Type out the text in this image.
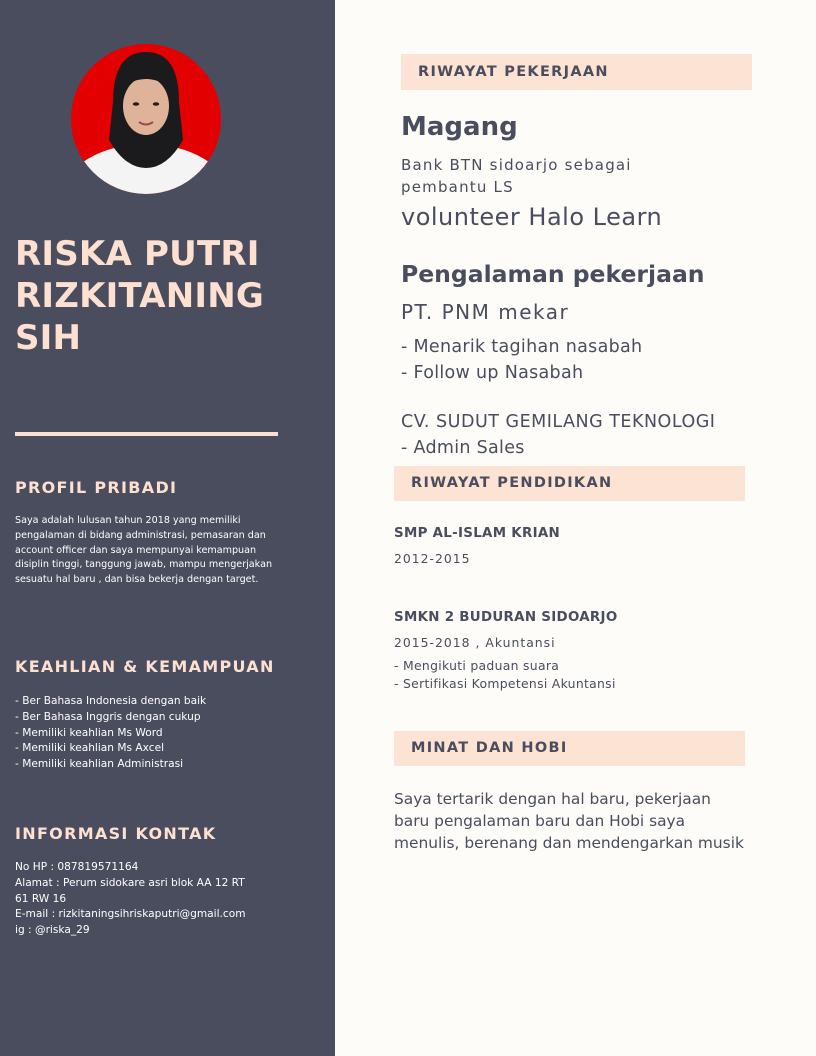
RISKA PUTRI
RIZKITANING
SIH
PROFIL PRIBADI

Saya adalah lulusan tahun 2018 yang memiliki pengalaman di bidang administrasi, pemasaran dan account officer dan saya mempunyai kemampuan disiplin tinggi, tanggung jawab, mampu mengerjakan sesuatu hal baru , dan bisa bekerja dengan target.

KEAHLIAN & KEMAMPUAN
- Ber Bahasa Indonesia dengan baik
- Ber Bahasa Inggris dengan cukup
- Memiliki keahlian Ms Word
- Memiliki keahlian Ms Axcel
- Memiliki keahlian Administrasi
INFORMASI KONTAK
No HP : 087819571164
Alamat : Perum sidokare asri blok AA 12 RT
61 RW 16
E-mail : rizkitaningsihriskaputri@gmail.com
ig : @riska_29
RIWAYAT PEKERJAAN
Magang

Bank BTN sidoarjo sebagai
pembantu LS

volunteer Halo Learn

Pengalaman pekerjaan

PT. PNM mekar

- Menarik tagihan nasabah
- Follow up Nasabah

CV. SUDUT GEMILANG TEKNOLOGI

- Admin Sales

RIWAYAT PENDIDIKAN

SMP AL-ISLAM KRIAN

2012-2015

SMKN 2 BUDURAN SIDOARJO

2015-2018 , Akuntansi

- Mengikuti paduan suara
- Sertifikasi Kompetensi Akuntansi

MINAT DAN HOBI

Saya tertarik dengan hal baru, pekerjaan baru pengalaman baru dan Hobi saya menulis, berenang dan mendengarkan musik
